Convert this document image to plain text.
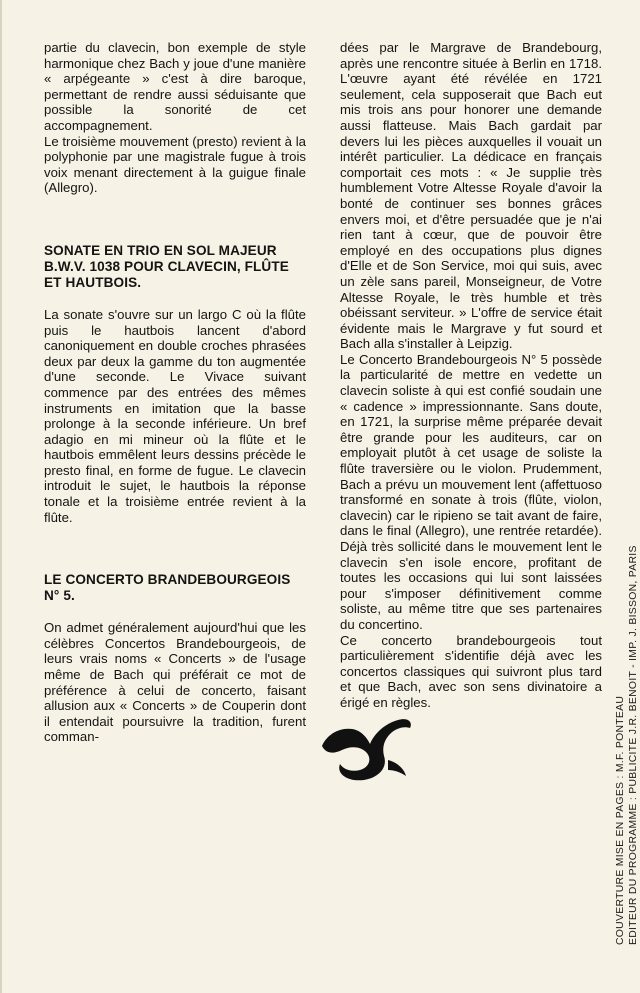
partie du clavecin, bon exemple de style harmonique chez Bach y joue d'une manière « arpégeante » c'est à dire baroque, permettant de rendre aussi séduisante que possible la sonorité de cet accompagnement.

Le troisième mouvement (presto) revient à la polyphonie par une magistrale fugue à trois voix menant directement à la guigue finale (Allegro).

SONATE EN TRIO EN SOL MAJEUR B.W.V. 1038 POUR CLAVECIN, FLÛTE ET HAUTBOIS.

La sonate s'ouvre sur un largo C où la flûte puis le hautbois lancent d'abord canoniquement en double croches phrasées deux par deux la gamme du ton augmentée d'une seconde. Le Vivace suivant commence par des entrées des mêmes instruments en imitation que la basse prolonge à la seconde inférieure. Un bref adagio en mi mineur où la flûte et le hautbois emmêlent leurs dessins précède le presto final, en forme de fugue. Le clavecin introduit le sujet, le hautbois la réponse tonale et la troisième entrée revient à la flûte.

LE CONCERTO BRANDEBOURGEOIS N° 5.

On admet généralement aujourd'hui que les célèbres Concertos Brandebourgeois, de leurs vrais noms « Concerts » de l'usage même de Bach qui préférait ce mot de préférence à celui de concerto, faisant allusion aux « Concerts » de Couperin dont il entendait poursuivre la tradition, furent comman-

dées par le Margrave de Brandebourg, après une rencontre située à Berlin en 1718. L'œuvre ayant été révélée en 1721 seulement, cela supposerait que Bach eut mis trois ans pour honorer une demande aussi flatteuse. Mais Bach gardait par devers lui les pièces auxquelles il vouait un intérêt particulier. La dédicace en français comportait ces mots : « Je supplie très humblement Votre Altesse Royale d'avoir la bonté de continuer ses bonnes grâces envers moi, et d'être persuadée que je n'ai rien tant à cœur, que de pouvoir être employé en des occupations plus dignes d'Elle et de Son Service, moi qui suis, avec un zèle sans pareil, Monseigneur, de Votre Altesse Royale, le très humble et très obéissant serviteur. » L'offre de service était évidente mais le Margrave y fut sourd et Bach alla s'installer à Leipzig.

Le Concerto Brandebourgeois N° 5 possède la particularité de mettre en vedette un clavecin soliste à qui est confié soudain une « cadence » impressionnante. Sans doute, en 1721, la surprise même préparée devait être grande pour les auditeurs, car on employait plutôt à cet usage de soliste la flûte traversière ou le violon. Prudemment, Bach a prévu un mouvement lent (affettuoso transformé en sonate à trois (flûte, violon, clavecin) car le ripieno se tait avant de faire, dans le final (Allegro), une rentrée retardée). Déjà très sollicité dans le mouvement lent le clavecin s'en isole encore, profitant de toutes les occasions qui lui sont laissées pour s'imposer définitivement comme soliste, au même titre que ses partenaires du concertino.

Ce concerto brandebourgeois tout particulièrement s'identifie déjà avec les concertos classiques qui suivront plus tard et que Bach, avec son sens divinatoire a érigé en règles.	COUVERTURE MISE EN PAGES : M.F. PONTEAU EDITEUR DU PROGRAMME : PUBLICITE J.R. BENOIT - IMP. J. BISSON, PARIS
